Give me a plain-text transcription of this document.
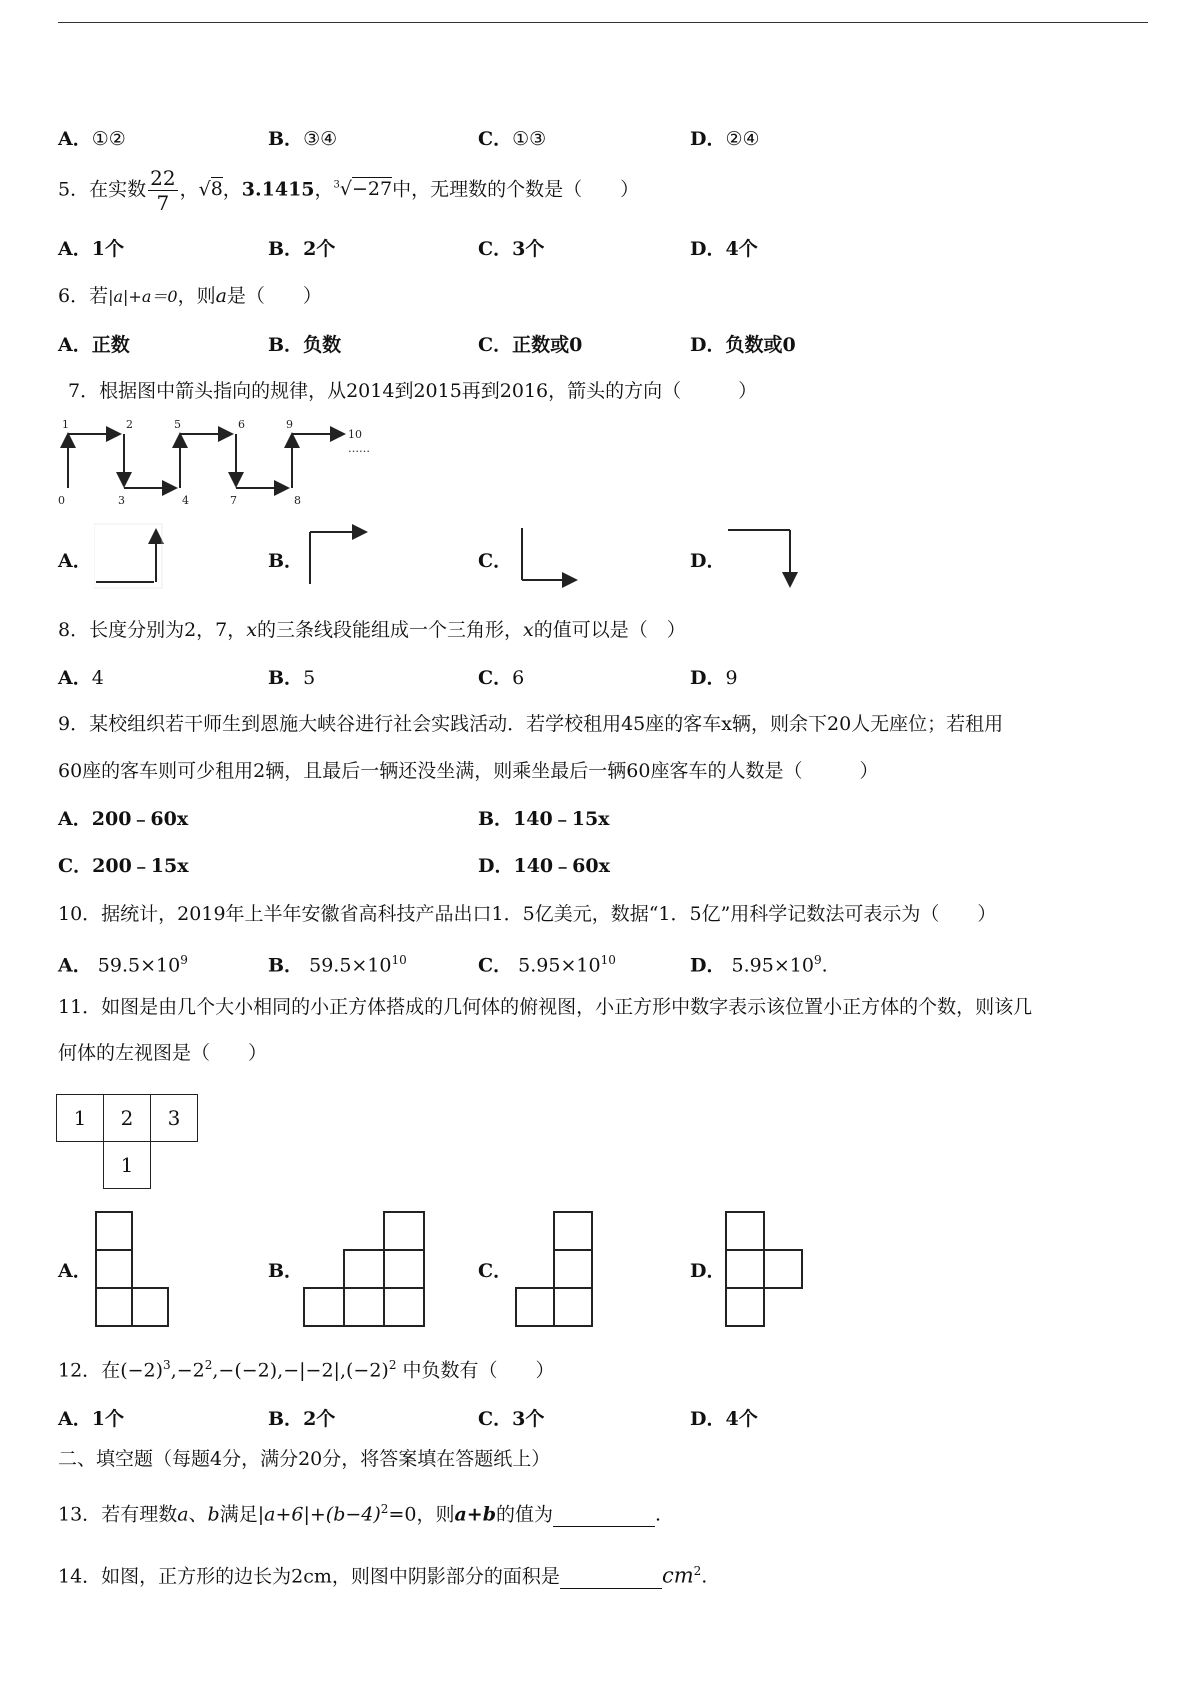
A．①②	B．③④	C．①③	D．②④
5．在实数 $\frac{22}{7}$ ，√8，3.1415，$^3$√−27中，无理数的个数是（　　）
A．1个	B．2个	C．3个	D．4个
6．若|a|+a＝0，则a是（　　）
A．正数	B．负数	C．正数或0	D．负数或0
7．根据图中箭头指向的规律，从2014到2015再到2016，箭头的方向（　　　）
0
1	2
3	4
5	6
7	8
9
10
……
A．	B．	C．	D．
8．长度分别为2，7，x的三条线段能组成一个三角形，x的值可以是（　）
A．4	B．5	C．6	D．9
9．某校组织若干师生到恩施大峡谷进行社会实践活动．若学校租用45座的客车x辆，则余下20人无座位；若租用
60座的客车则可少租用2辆，且最后一辆还没坐满，则乘坐最后一辆60座客车的人数是（　　　）
A．200﹣60x	B．140﹣15x
C．200﹣15x	D．140﹣60x
10．据统计，2019年上半年安徽省高科技产品出口1．5亿美元，数据“1．5亿”用科学记数法可表示为（　　）
A． $59.5\times 10^9$	B． $59.5\times 10^{10}$	C． $5.95\times 10^{10}$	D． $5.95\times 10^9$.
11．如图是由几个大小相同的小正方体搭成的几何体的俯视图，小正方形中数字表示该位置小正方体的个数，则该几
何体的左视图是（　　）
1	2	3
	1	
A．	B．	C．	D．
12．在$(-2)^3,-2^2,-(-2),-|-2|,(-2)^2$ 中负数有（　　）
A．1个	B．2个	C．3个	D．4个
二、填空题（每题4分，满分20分，将答案填在答题纸上）
13．若有理数a、b满足$|a+6|+(b-4)^2=0$，则a+b的值为	.
14．如图，正方形的边长为2cm，则图中阴影部分的面积是	$cm^2$.
